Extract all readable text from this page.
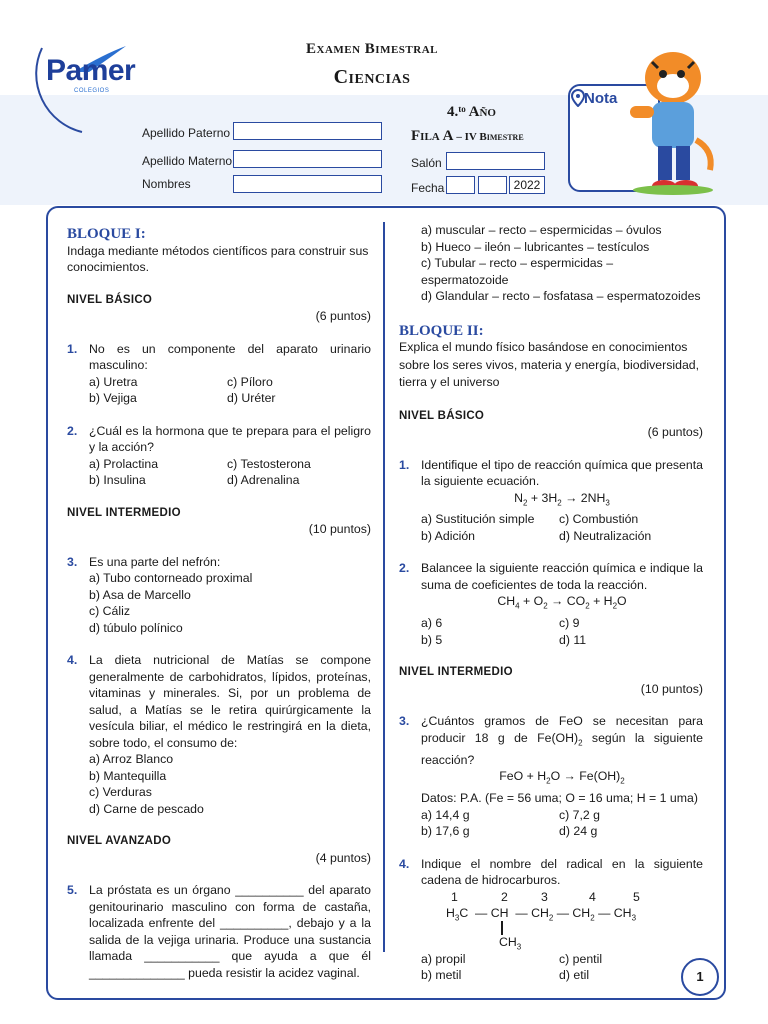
Pamer
COLEGIOS
Examen Bimestral
Ciencias
Apellido Paterno
Apellido Materno
Nombres
4.ᵗᵒ Año
Fila A – IV Bimestre
Salón
Fecha	2022
Nota

BLOQUE I:

Indaga mediante métodos científicos para construir sus conocimientos.

NIVEL BÁSICO

(6 puntos)

1. No es un componente del aparato urinario masculino:

a) Uretra	c) Píloro
b) Vejiga	d) Uréter
2. ¿Cuál es la hormona que te prepara para el peligro y la acción?

a) Prolactina	c) Testosterona
b) Insulina	d) Adrenalina

NIVEL INTERMEDIO

(10 puntos)

3. Es una parte del nefrón:

a) Tubo contorneado proximal

b) Asa de Marcello

c) Cáliz

d) túbulo polínico

4. La dieta nutricional de Matías se compone generalmente de carbohidratos, lípidos, proteínas, vitaminas y minerales. Si, por un problema de salud, a Matías se le retira quirúrgicamente la vesícula biliar, el médico le restringirá en la dieta, sobre todo, el consumo de:

a) Arroz Blanco

b) Mantequilla

c) Verduras

d) Carne de pescado

NIVEL AVANZADO

(4 puntos)

5. La próstata es un órgano __________ del aparato genitourinario masculino con forma de castaña, localizada enfrente del __________, debajo y a la salida de la vejiga urinaria. Produce una sustancia llamada ___________ que ayuda a que él ______________ pueda resistir la acidez vaginal.

a) muscular – recto – espermicidas – óvulos

b) Hueco – ileón – lubricantes – testículos

c) Tubular – recto – espermicidas – espermatozoide

d) Glandular – recto – fosfatasa – espermatozoides

BLOQUE II:

Explica el mundo físico basándose en conocimientos sobre los seres vivos, materia y energía, biodiversidad, tierra y el universo

NIVEL BÁSICO

(6 puntos)

1. Identifique el tipo de reacción química que presenta la siguiente ecuación.

$N_2 + 3H_2 \to 2NH_3$

a) Sustitución simple	c) Combustión
b) Adición	d) Neutralización
2. Balancee la siguiente reacción química e indique la suma de coeficientes de toda la reacción.

$CH_4 + O_2 \to CO_2 + H_2O$

a) 6	c) 9
b) 5	d) 11

NIVEL INTERMEDIO

(10 puntos)

3. ¿Cuántos gramos de FeO se necesitan para producir 18 g de $Fe(OH)_2$ según la siguiente reacción?

FeO + $H_2O \to Fe(OH)_2$

Datos: P.A. (Fe = 56 uma; O = 16 uma; H = 1 uma)

a) 14,4 g	c) 7,2 g
b) 17,6 g	d) 24 g
4. Indique el nombre del radical en la siguiente cadena de hidrocarburos.

1	2	3	4	5
$H_3C$  — CH  — $CH_2$ — $CH_2$ — $CH_3$
$CH_3$
a) propil	c) pentil
b) metil	d) etil	1
